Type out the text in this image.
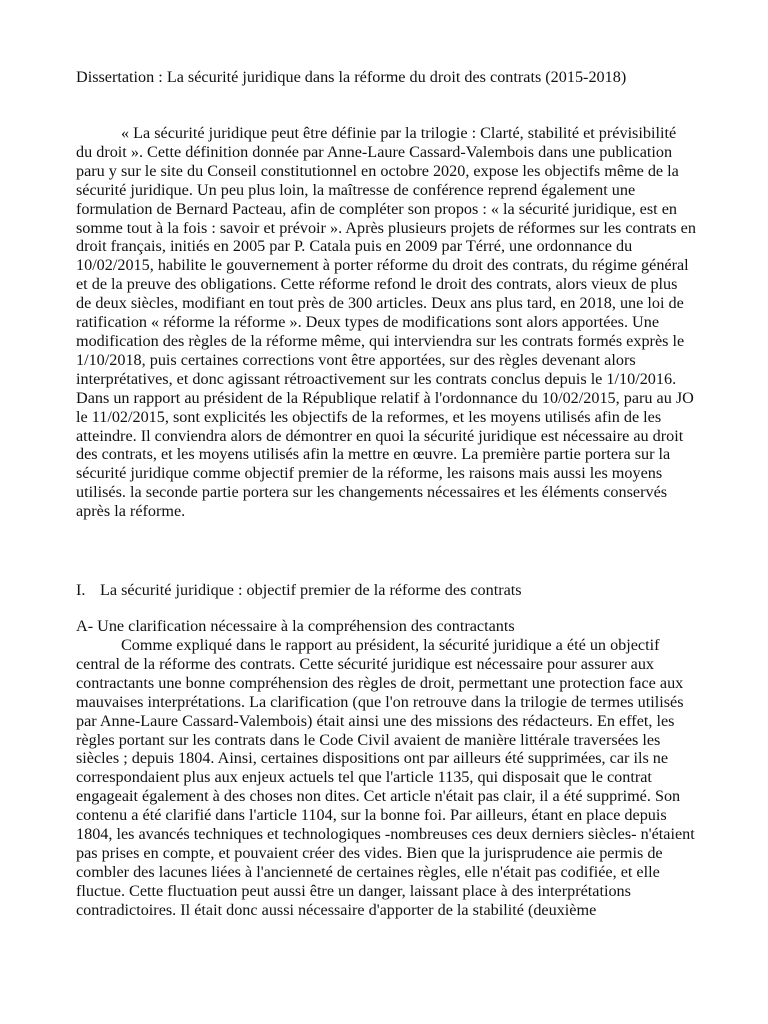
Dissertation : La sécurité juridique dans la réforme du droit des contrats (2015-2018)

« La sécurité juridique peut être définie par la trilogie : Clarté, stabilité et prévisibilité du droit ». Cette définition donnée par Anne-Laure Cassard-Valembois dans une publication paru y sur le site du Conseil constitutionnel en octobre 2020, expose les objectifs même de la sécurité juridique. Un peu plus loin, la maîtresse de conférence reprend également une formulation de Bernard Pacteau, afin de compléter son propos : « la sécurité juridique, est en somme tout à la fois : savoir et prévoir ». Après plusieurs projets de réformes sur les contrats en droit français, initiés en 2005 par P. Catala puis en 2009 par Térré, une ordonnance du 10/02/2015, habilite le gouvernement à porter réforme du droit des contrats, du régime général et de la preuve des obligations. Cette réforme refond le droit des contrats, alors vieux de plus de deux siècles, modifiant en tout près de 300 articles. Deux ans plus tard, en 2018, une loi de ratification « réforme la réforme ». Deux types de modifications sont alors apportées. Une modification des règles de la réforme même, qui interviendra sur les contrats formés exprès le 1/10/2018, puis certaines corrections vont être apportées, sur des règles devenant alors interprétatives, et donc agissant rétroactivement sur les contrats conclus depuis le 1/10/2016. Dans un rapport au président de la République relatif à l'ordonnance du 10/02/2015, paru au JO le 11/02/2015, sont explicités les objectifs de la reformes, et les moyens utilisés afin de les atteindre. Il conviendra alors de démontrer en quoi la sécurité juridique est nécessaire au droit des contrats, et les moyens utilisés afin la mettre en œuvre. La première partie portera sur la sécurité juridique comme objectif premier de la réforme, les raisons mais aussi les moyens utilisés. la seconde partie portera sur les changements nécessaires et les éléments conservés après la réforme.

I. La sécurité juridique : objectif premier de la réforme des contrats

A- Une clarification nécessaire à la compréhension des contractants

Comme expliqué dans le rapport au président, la sécurité juridique a été un objectif central de la réforme des contrats. Cette sécurité juridique est nécessaire pour assurer aux contractants une bonne compréhension des règles de droit, permettant une protection face aux mauvaises interprétations. La clarification (que l'on retrouve dans la trilogie de termes utilisés par Anne-Laure Cassard-Valembois) était ainsi une des missions des rédacteurs. En effet, les règles portant sur les contrats dans le Code Civil avaient de manière littérale traversées les siècles ; depuis 1804. Ainsi, certaines dispositions ont par ailleurs été supprimées, car ils ne correspondaient plus aux enjeux actuels tel que l'article 1135, qui disposait que le contrat engageait également à des choses non dites. Cet article n'était pas clair, il a été supprimé. Son contenu a été clarifié dans l'article 1104, sur la bonne foi. Par ailleurs, étant en place depuis 1804, les avancés techniques et technologiques -nombreuses ces deux derniers siècles- n'étaient pas prises en compte, et pouvaient créer des vides. Bien que la jurisprudence aie permis de combler des lacunes liées à l'ancienneté de certaines règles, elle n'était pas codifiée, et elle fluctue. Cette fluctuation peut aussi être un danger, laissant place à des interprétations contradictoires. Il était donc aussi nécessaire d'apporter de la stabilité (deuxième
